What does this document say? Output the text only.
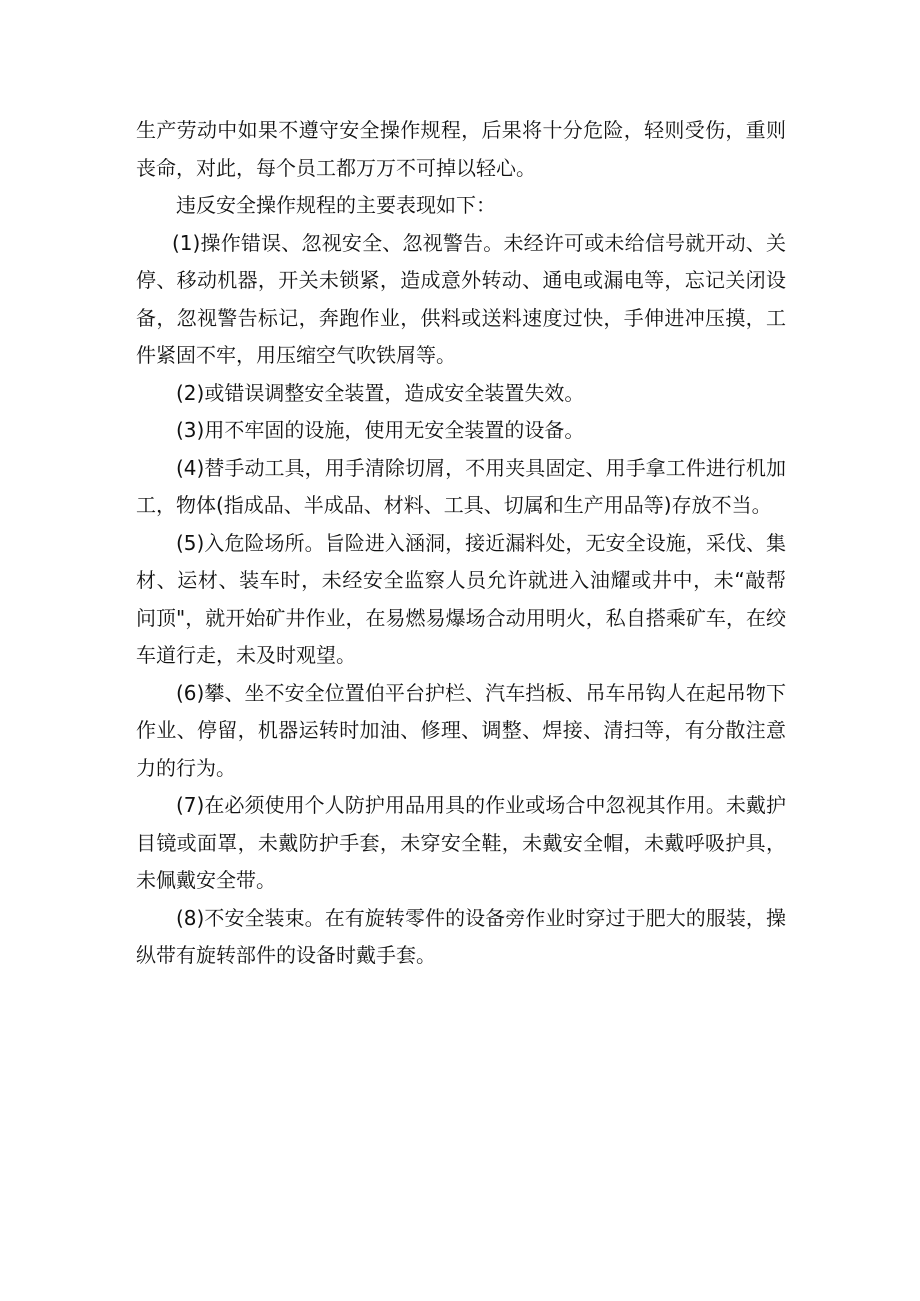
生产劳动中如果不遵守安全操作规程，后果将十分危险，轻则受伤，重则丧命，对此，每个员工都万万不可掉以轻心。

违反安全操作规程的主要表现如下：

(1)操作错误、忽视安全、忽视警告。未经许可或未给信号就开动、关停、移动机器，开关未锁紧，造成意外转动、通电或漏电等，忘记关闭设备，忽视警告标记，奔跑作业，供料或送料速度过快，手伸进冲压摸，工件紧固不牢，用压缩空气吹铁屑等。

(2)或错误调整安全装置，造成安全装置失效。

(3)用不牢固的设施，使用无安全装置的设备。

(4)替手动工具，用手清除切屑，不用夹具固定、用手拿工件进行机加工，物体(指成品、半成品、材料、工具、切属和生产用品等)存放不当。

(5)入危险场所。旨险进入涵洞，接近漏料处，无安全设施，采伐、集材、运材、装车时，未经安全监察人员允许就进入油耀或井中，未“敲帮问顶"，就开始矿井作业，在易燃易爆场合动用明火，私自搭乘矿车，在绞车道行走，未及时观望。

(6)攀、坐不安全位置伯平台护栏、汽车挡板、吊车吊钩人在起吊物下作业、停留，机器运转时加油、修理、调整、焊接、清扫等，有分散注意力的行为。

(7)在必须使用个人防护用品用具的作业或场合中忽视其作用。未戴护目镜或面罩，未戴防护手套，未穿安全鞋，未戴安全帽，未戴呼吸护具，未佩戴安全带。

(8)不安全装束。在有旋转零件的设备旁作业时穿过于肥大的服装，操纵带有旋转部件的设备时戴手套。
